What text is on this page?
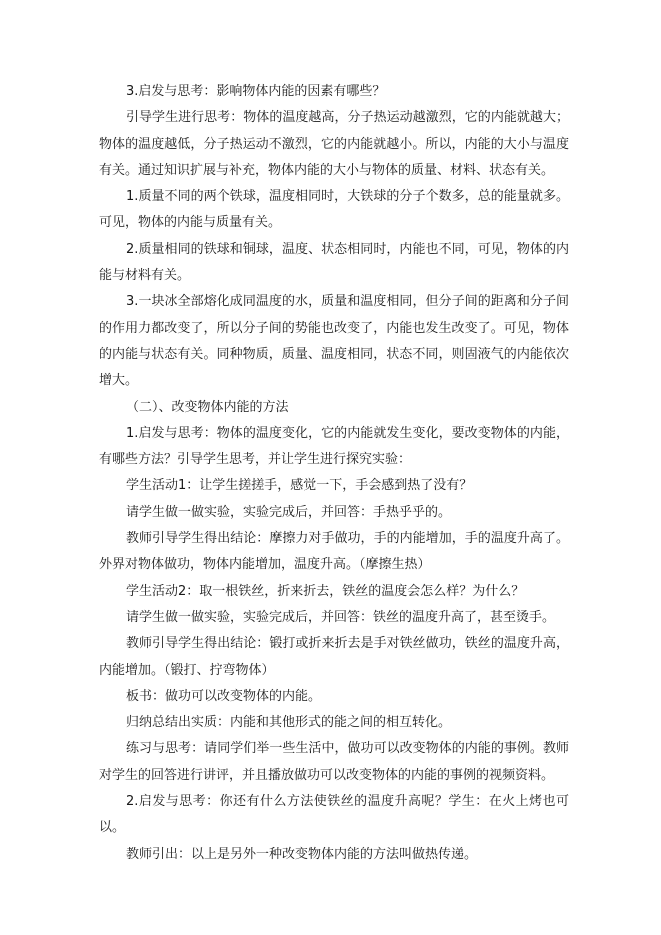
3.启发与思考：影响物体内能的因素有哪些？

引导学生进行思考：物体的温度越高，分子热运动越激烈，它的内能就越大；物体的温度越低，分子热运动不激烈，它的内能就越小。所以，内能的大小与温度有关。通过知识扩展与补充，物体内能的大小与物体的质量、材料、状态有关。

1.质量不同的两个铁球，温度相同时，大铁球的分子个数多，总的能量就多。可见，物体的内能与质量有关。

2.质量相同的铁球和铜球，温度、状态相同时，内能也不同，可见，物体的内能与材料有关。

3.一块冰全部熔化成同温度的水，质量和温度相同，但分子间的距离和分子间的作用力都改变了，所以分子间的势能也改变了，内能也发生改变了。可见，物体的内能与状态有关。同种物质，质量、温度相同，状态不同，则固液气的内能依次增大。

（二）、改变物体内能的方法

1.启发与思考：物体的温度变化，它的内能就发生变化，要改变物体的内能，有哪些方法？引导学生思考，并让学生进行探究实验：

学生活动1：让学生搓搓手，感觉一下，手会感到热了没有？

请学生做一做实验，实验完成后，并回答：手热乎乎的。

教师引导学生得出结论：摩擦力对手做功，手的内能增加，手的温度升高了。外界对物体做功，物体内能增加，温度升高。（摩擦生热）

学生活动2：取一根铁丝，折来折去，铁丝的温度会怎么样？为什么？

请学生做一做实验，实验完成后，并回答：铁丝的温度升高了，甚至烫手。

教师引导学生得出结论：锻打或折来折去是手对铁丝做功，铁丝的温度升高，内能增加。（锻打、拧弯物体）

板书：做功可以改变物体的内能。

归纳总结出实质：内能和其他形式的能之间的相互转化。

练习与思考：请同学们举一些生活中，做功可以改变物体的内能的事例。教师对学生的回答进行讲评，并且播放做功可以改变物体的内能的事例的视频资料。

2.启发与思考：你还有什么方法使铁丝的温度升高呢？学生：在火上烤也可以。

教师引出：以上是另外一种改变物体内能的方法叫做热传递。
